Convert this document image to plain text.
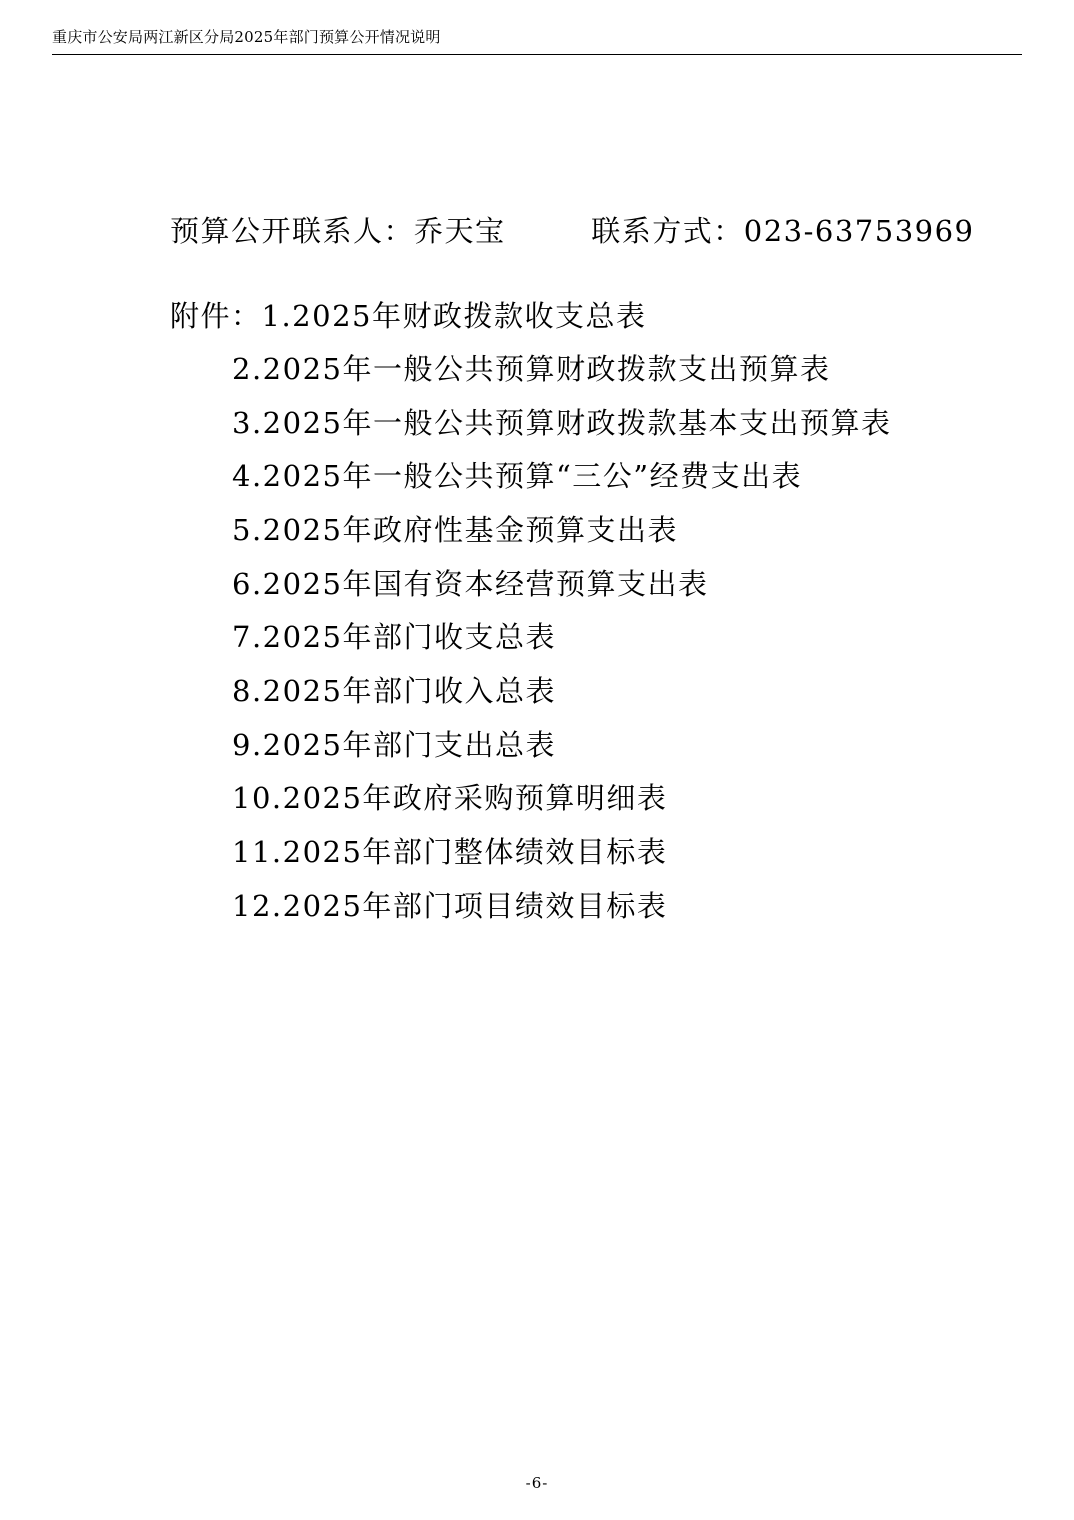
重庆市公安局两江新区分局2025年部门预算公开情况说明
预算公开联系人：乔天宝        联系方式：023-63753969
附件：1.2025年财政拨款收支总表
2.2025年一般公共预算财政拨款支出预算表
3.2025年一般公共预算财政拨款基本支出预算表
4.2025年一般公共预算“三公”经费支出表
5.2025年政府性基金预算支出表
6.2025年国有资本经营预算支出表
7.2025年部门收支总表
8.2025年部门收入总表
9.2025年部门支出总表
10.2025年政府采购预算明细表
11.2025年部门整体绩效目标表
12.2025年部门项目绩效目标表
-6-
